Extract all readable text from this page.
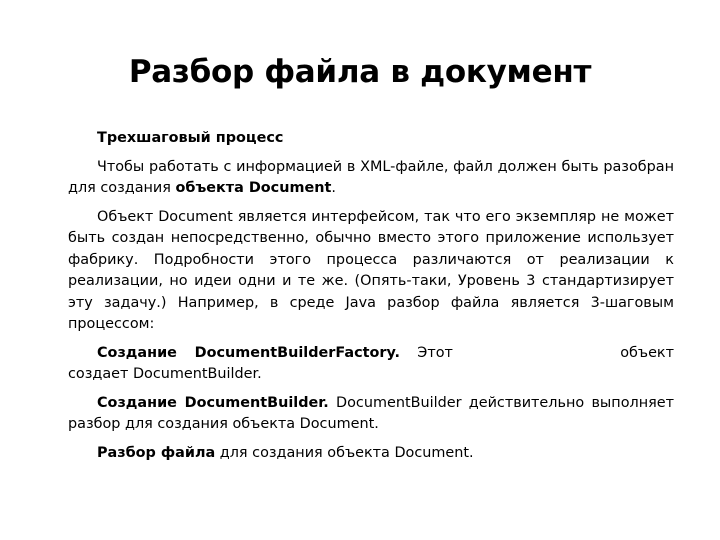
Разбор файла в документ

Трехшаговый процесс

Чтобы работать с информацией в XML-файле, файл должен быть разобран для создания объекта Document.

Объект Document является интерфейсом, так что его экземпляр не может быть создан непосредственно, обычно вместо этого приложение использует фабрику. Подробности этого процесса различаются от реализации к реализации, но идеи одни и те же. (Опять-таки, Уровень 3 стандартизирует эту задачу.) Например, в среде Java разбор файла является 3-шаговым процессом:

Создание DocumentBuilderFactory. Этот	объект создает DocumentBuilder.

Создание DocumentBuilder. DocumentBuilder действительно выполняет разбор для создания объекта Document.

Разбор файла для создания объекта Document.
